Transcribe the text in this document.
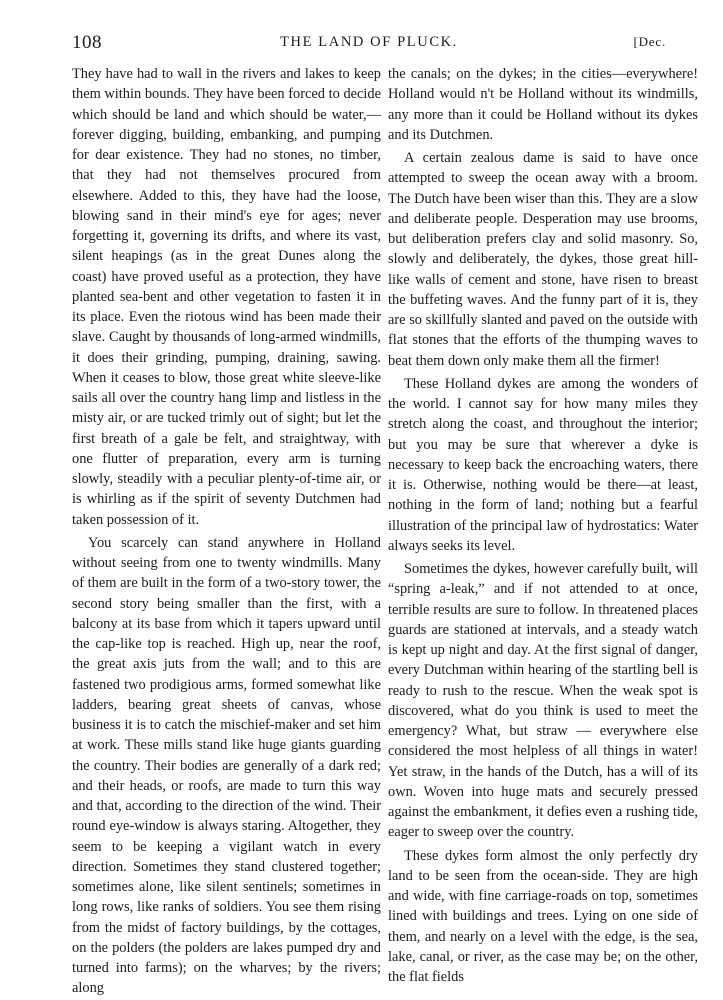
108	THE LAND OF PLUCK.	[Dec.

They have had to wall in the rivers and lakes to keep them within bounds. They have been forced to decide which should be land and which should be water,—forever digging, building, embanking, and pumping for dear existence. They had no stones, no timber, that they had not themselves procured from elsewhere. Added to this, they have had the loose, blowing sand in their mind's eye for ages; never forgetting it, governing its drifts, and where its vast, silent heapings (as in the great Dunes along the coast) have proved useful as a protection, they have planted sea-bent and other vegetation to fasten it in its place. Even the riotous wind has been made their slave. Caught by thousands of long-armed windmills, it does their grinding, pumping, draining, sawing. When it ceases to blow, those great white sleeve-like sails all over the country hang limp and listless in the misty air, or are tucked trimly out of sight; but let the first breath of a gale be felt, and straightway, with one flutter of preparation, every arm is turning slowly, steadily with a peculiar plenty-of-time air, or is whirling as if the spirit of seventy Dutchmen had taken possession of it.

You scarcely can stand anywhere in Holland without seeing from one to twenty windmills. Many of them are built in the form of a two-story tower, the second story being smaller than the first, with a balcony at its base from which it tapers upward until the cap-like top is reached. High up, near the roof, the great axis juts from the wall; and to this are fastened two prodigious arms, formed somewhat like ladders, bearing great sheets of canvas, whose business it is to catch the mischief-maker and set him at work. These mills stand like huge giants guarding the country. Their bodies are generally of a dark red; and their heads, or roofs, are made to turn this way and that, according to the direction of the wind. Their round eye-window is always staring. Altogether, they seem to be keeping a vigilant watch in every direction. Sometimes they stand clustered together; sometimes alone, like silent sentinels; sometimes in long rows, like ranks of soldiers. You see them rising from the midst of factory buildings, by the cottages, on the polders (the polders are lakes pumped dry and turned into farms); on the wharves; by the rivers; along

the canals; on the dykes; in the cities—everywhere! Holland would n't be Holland without its windmills, any more than it could be Holland without its dykes and its Dutchmen.

A certain zealous dame is said to have once attempted to sweep the ocean away with a broom. The Dutch have been wiser than this. They are a slow and deliberate people. Desperation may use brooms, but deliberation prefers clay and solid masonry. So, slowly and deliberately, the dykes, those great hill-like walls of cement and stone, have risen to breast the buffeting waves. And the funny part of it is, they are so skillfully slanted and paved on the outside with flat stones that the efforts of the thumping waves to beat them down only make them all the firmer!

These Holland dykes are among the wonders of the world. I cannot say for how many miles they stretch along the coast, and throughout the interior; but you may be sure that wherever a dyke is necessary to keep back the encroaching waters, there it is. Otherwise, nothing would be there—at least, nothing in the form of land; nothing but a fearful illustration of the principal law of hydrostatics: Water always seeks its level.

Sometimes the dykes, however carefully built, will “spring a-leak,” and if not attended to at once, terrible results are sure to follow. In threatened places guards are stationed at intervals, and a steady watch is kept up night and day. At the first signal of danger, every Dutchman within hearing of the startling bell is ready to rush to the rescue. When the weak spot is discovered, what do you think is used to meet the emergency? What, but straw — everywhere else considered the most helpless of all things in water! Yet straw, in the hands of the Dutch, has a will of its own. Woven into huge mats and securely pressed against the embankment, it defies even a rushing tide, eager to sweep over the country.

These dykes form almost the only perfectly dry land to be seen from the ocean-side. They are high and wide, with fine carriage-roads on top, sometimes lined with buildings and trees. Lying on one side of them, and nearly on a level with the edge, is the sea, lake, canal, or river, as the case may be; on the other, the flat fields
